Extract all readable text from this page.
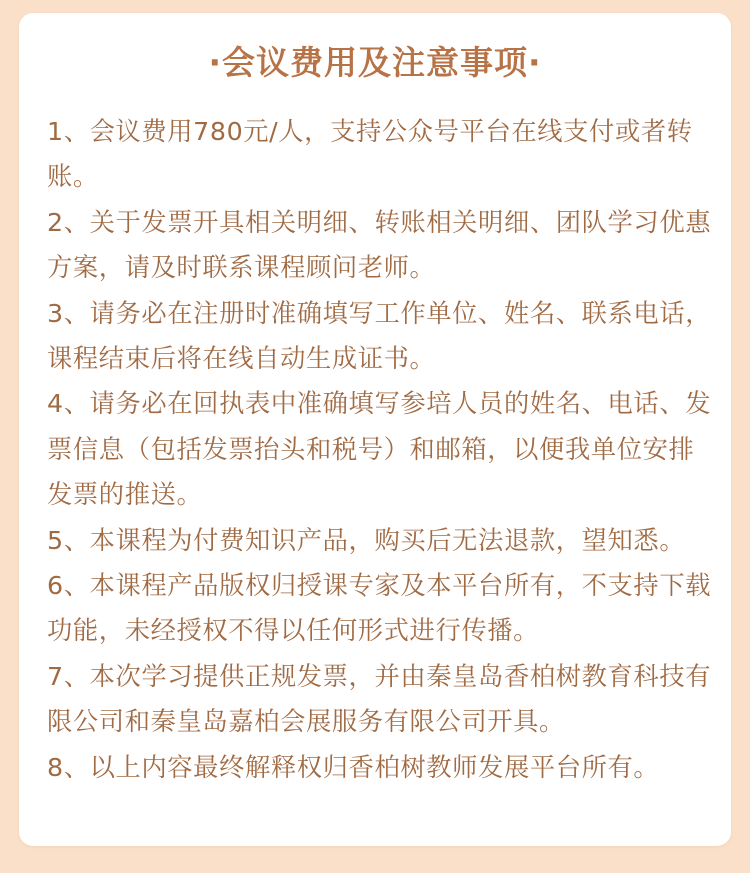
·会议费用及注意事项·
1、会议费用780元/人，支持公众号平台在线支付或者转账。
2、关于发票开具相关明细、转账相关明细、团队学习优惠方案，请及时联系课程顾问老师。
3、请务必在注册时准确填写工作单位、姓名、联系电话，课程结束后将在线自动生成证书。
4、请务必在回执表中准确填写参培人员的姓名、电话、发票信息（包括发票抬头和税号）和邮箱，以便我单位安排发票的推送。
5、本课程为付费知识产品，购买后无法退款，望知悉。
6、本课程产品版权归授课专家及本平台所有，不支持下载功能，未经授权不得以任何形式进行传播。
7、本次学习提供正规发票，并由秦皇岛香柏树教育科技有限公司和秦皇岛嘉柏会展服务有限公司开具。
8、以上内容最终解释权归香柏树教师发展平台所有。
